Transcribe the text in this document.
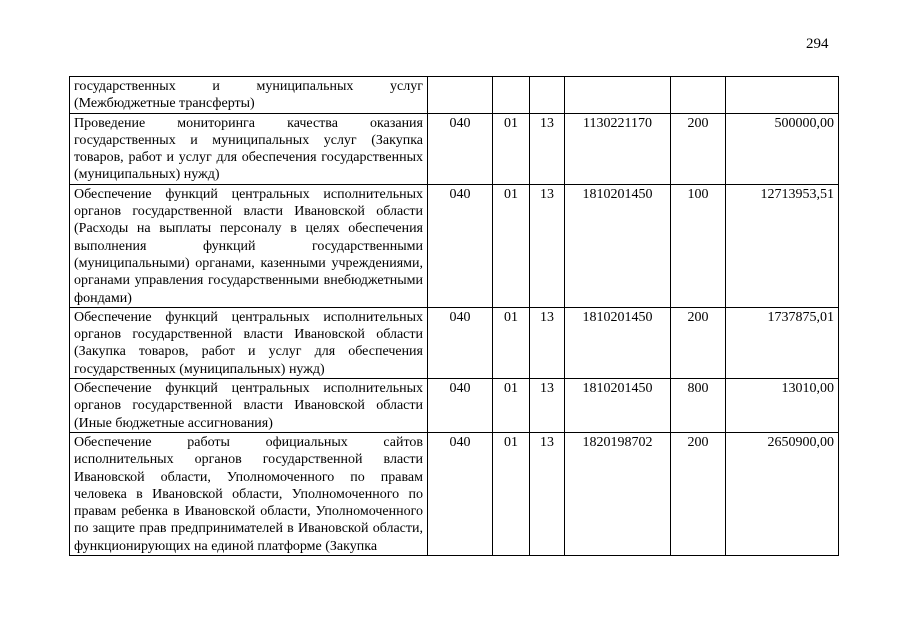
294
государственных и муниципальных услуг (Межбюджетные трансферты)						
Проведение мониторинга качества оказания государственных и муниципальных услуг (Закупка товаров, работ и услуг для обеспечения государственных (муниципальных) нужд)	040	01	13	1130221170	200	500000,00
Обеспечение функций центральных исполнительных органов государственной власти Ивановской области (Расходы на выплаты персоналу в целях обеспечения выполнения функций государственными (муниципальными) органами, казенными учреждениями, органами управления государственными внебюджетными фондами)	040	01	13	1810201450	100	12713953,51
Обеспечение функций центральных исполнительных органов государственной власти Ивановской области (Закупка товаров, работ и услуг для обеспечения государственных (муниципальных) нужд)	040	01	13	1810201450	200	1737875,01
Обеспечение функций центральных исполнительных органов государственной власти Ивановской области (Иные бюджетные ассигнования)	040	01	13	1810201450	800	13010,00
Обеспечение работы официальных сайтов исполнительных органов государственной власти Ивановской области, Уполномоченного по правам человека в Ивановской области, Уполномоченного по правам ребенка в Ивановской области, Уполномоченного по защите прав предпринимателей в Ивановской области, функционирующих на единой платформе (Закупка	040	01	13	1820198702	200	2650900,00
